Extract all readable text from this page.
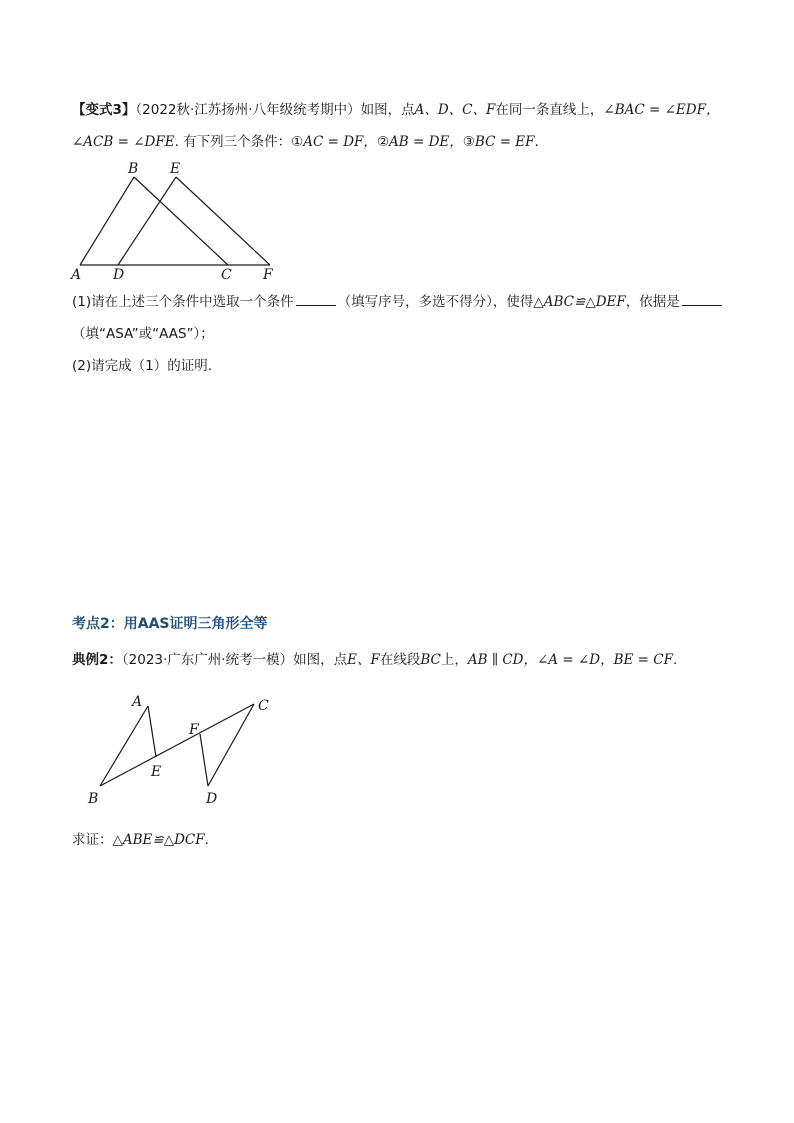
【变式3】（2022秋·江苏扬州·八年级统考期中）如图，点A、D、C、F在同一条直线上，∠BAC = ∠EDF，
∠ACB = ∠DFE. 有下列三个条件：①AC = DF，②AB = DE，③BC = EF.
B E
A D	C F
(1)请在上述三个条件中选取一个条件	（填写序号，多选不得分），使得△ABC≌△DEF，依据是
（填“ASA”或“AAS”）；
(2)请完成（1）的证明.
考点2：用AAS证明三角形全等
典例2：（2023·广东广州·统考一模）如图，点E、F在线段BC上，AB ∥ CD，∠A = ∠D，BE = CF.
A	C
F
E
B	D
求证：△ABE≌△DCF.
